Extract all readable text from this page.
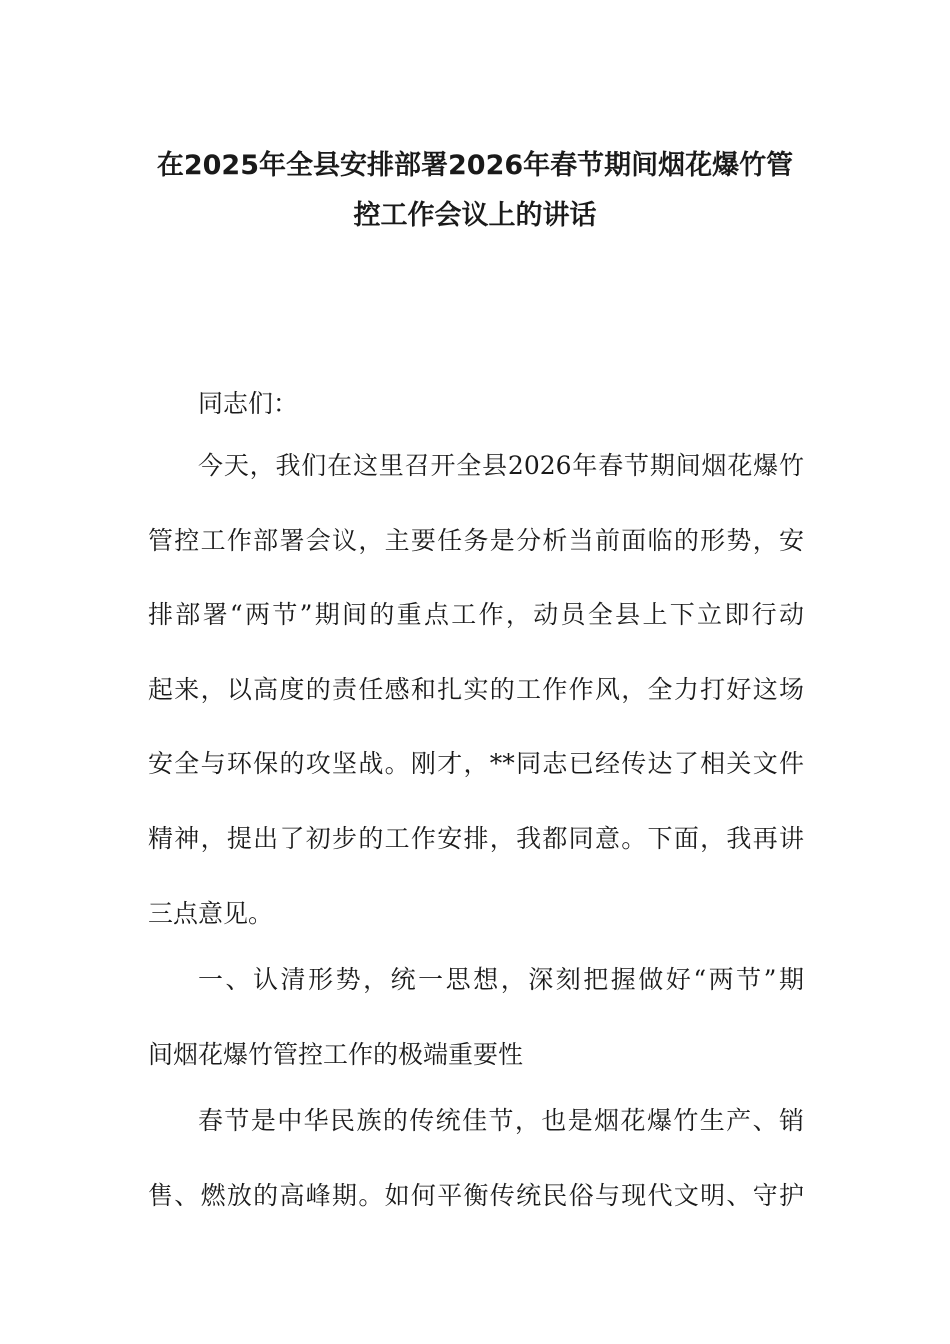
在2025年全县安排部署2026年春节期间烟花爆竹管
控工作会议上的讲话

同志们：

今天，我们在这里召开全县2026年春节期间烟花爆竹

管控工作部署会议，主要任务是分析当前面临的形势，安

排部署“两节”期间的重点工作，动员全县上下立即行动

起来，以高度的责任感和扎实的工作作风，全力打好这场

安全与环保的攻坚战。刚才，**同志已经传达了相关文件

精神，提出了初步的工作安排，我都同意。下面，我再讲

三点意见。

一、认清形势，统一思想，深刻把握做好“两节”期

间烟花爆竹管控工作的极端重要性

春节是中华民族的传统佳节，也是烟花爆竹生产、销

售、燃放的高峰期。如何平衡传统民俗与现代文明、守护
